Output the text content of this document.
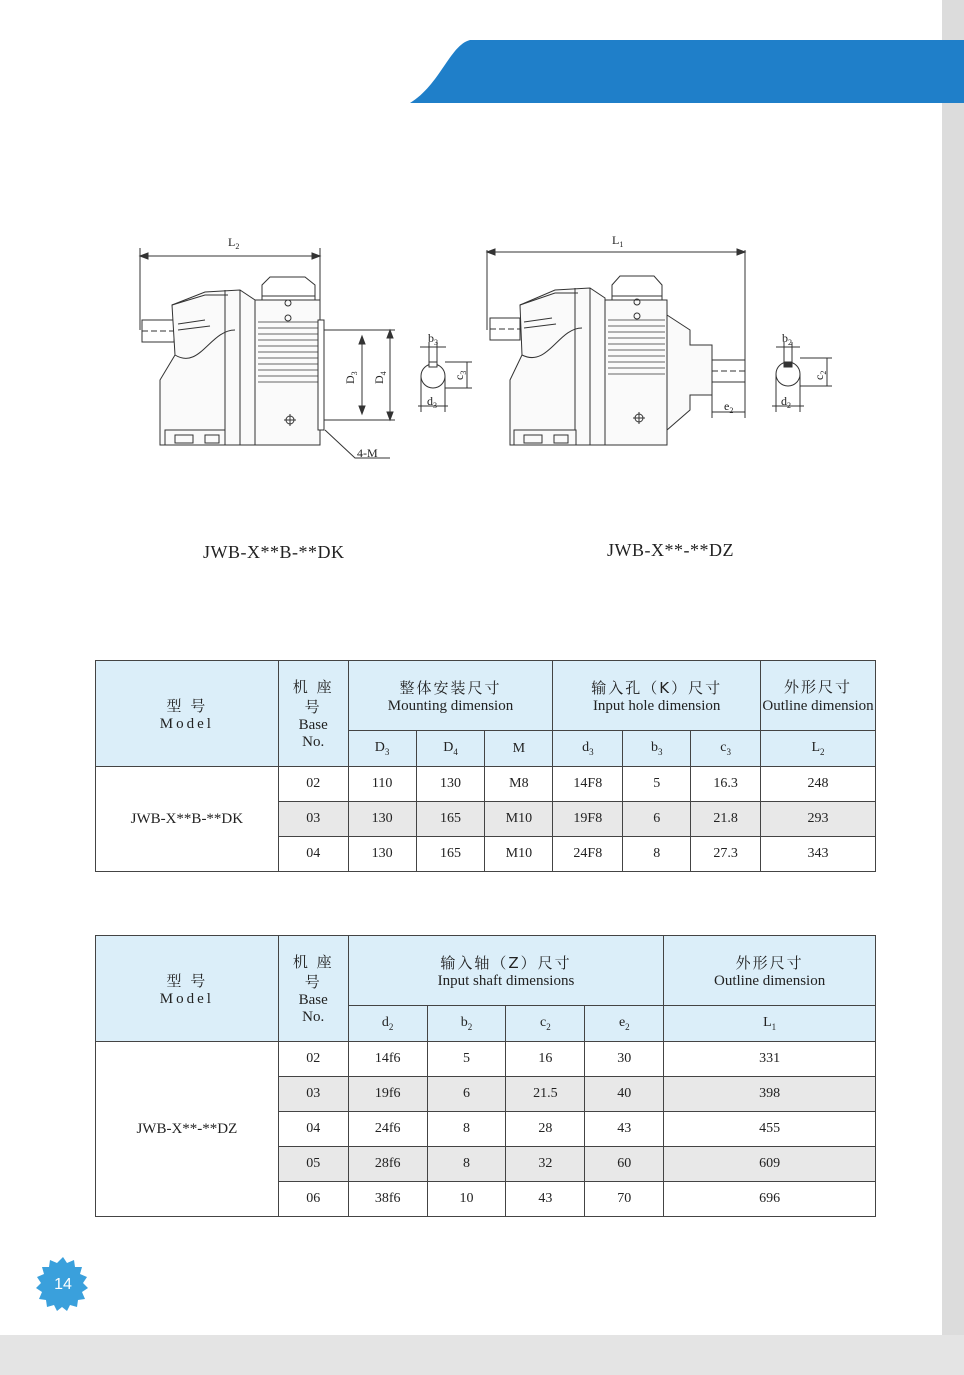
$L_2$
$D_3$
$D_4$
4-M
$b_3$
$c_3$
$d_3$
$L_1$
$e_2$
$b_2$
$c_2$
$d_2$
JWB-X**B-**DK	JWB-X**-**DZ
型 号
Model	机 座 号
Base No.	整体安装尺寸
Mounting dimension			输入孔（K）尺寸
Input hole dimension			外形尺寸
Outline dimension

		$D_3$	$D_4$	M	$d_3$	$b_3$	$c_3$	$L_2$
JWB-X**B-**DK	02	110	130	M8	14F8	5	16.3	248
	03	130	165	M10	19F8	6	21.8	293
	04	130	165	M10	24F8	8	27.3	343
型 号
Model	机 座 号
Base No.	输入轴（Z）尺寸
Input shaft dimensions				外形尺寸
Outline dimension

		$d_2$	$b_2$	$c_2$	$e_2$	$L_1$
JWB-X**-**DZ	02	14f6	5	16	30	331
	03	19f6	6	21.5	40	398
	04	24f6	8	28	43	455
	05	28f6	8	32	60	609
	06	38f6	10	43	70	696
14
